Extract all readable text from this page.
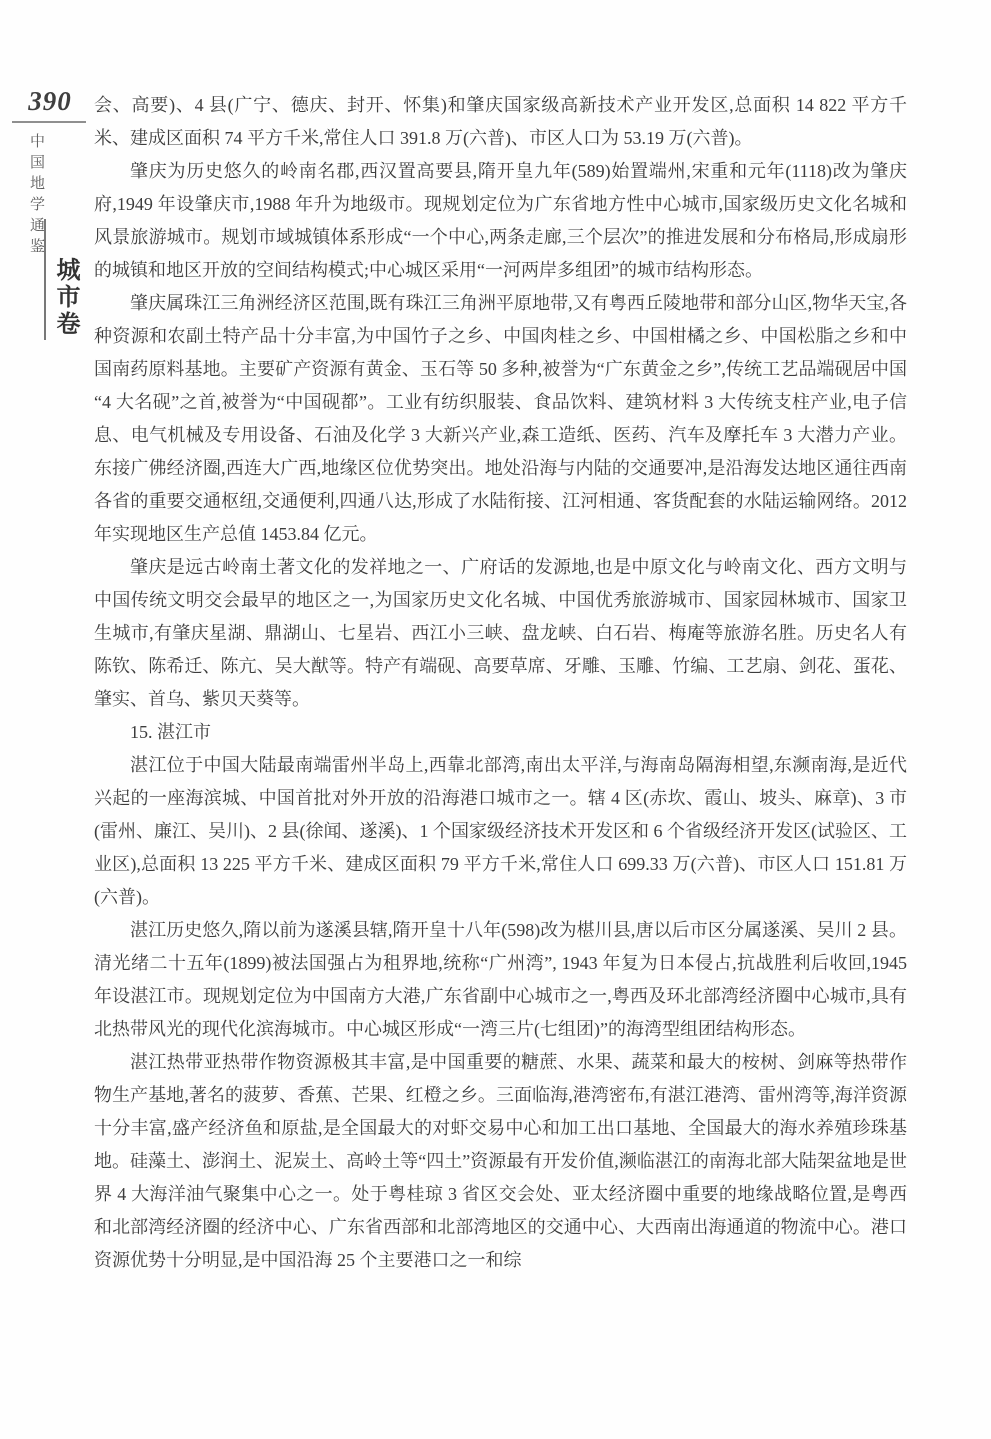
390
中国地学通鉴
城市卷

会、高要)、4 县(广宁、德庆、封开、怀集)和肇庆国家级高新技术产业开发区,总面积 14 822 平方千米、建成区面积 74 平方千米,常住人口 391.8 万(六普)、市区人口为 53.19 万(六普)。

肇庆为历史悠久的岭南名郡,西汉置高要县,隋开皇九年(589)始置端州,宋重和元年(1118)改为肇庆府,1949 年设肇庆市,1988 年升为地级市。现规划定位为广东省地方性中心城市,国家级历史文化名城和风景旅游城市。规划市域城镇体系形成“一个中心,两条走廊,三个层次”的推进发展和分布格局,形成扇形的城镇和地区开放的空间结构模式;中心城区采用“一河两岸多组团”的城市结构形态。

肇庆属珠江三角洲经济区范围,既有珠江三角洲平原地带,又有粤西丘陵地带和部分山区,物华天宝,各种资源和农副土特产品十分丰富,为中国竹子之乡、中国肉桂之乡、中国柑橘之乡、中国松脂之乡和中国南药原料基地。主要矿产资源有黄金、玉石等 50 多种,被誉为“广东黄金之乡”,传统工艺品端砚居中国“4 大名砚”之首,被誉为“中国砚都”。工业有纺织服装、食品饮料、建筑材料 3 大传统支柱产业,电子信息、电气机械及专用设备、石油及化学 3 大新兴产业,森工造纸、医药、汽车及摩托车 3 大潜力产业。东接广佛经济圈,西连大广西,地缘区位优势突出。地处沿海与内陆的交通要冲,是沿海发达地区通往西南各省的重要交通枢纽,交通便利,四通八达,形成了水陆衔接、江河相通、客货配套的水陆运输网络。2012 年实现地区生产总值 1453.84 亿元。

肇庆是远古岭南土著文化的发祥地之一、广府话的发源地,也是中原文化与岭南文化、西方文明与中国传统文明交会最早的地区之一,为国家历史文化名城、中国优秀旅游城市、国家园林城市、国家卫生城市,有肇庆星湖、鼎湖山、七星岩、西江小三峡、盘龙峡、白石岩、梅庵等旅游名胜。历史名人有陈钦、陈希迁、陈亢、吴大猷等。特产有端砚、高要草席、牙雕、玉雕、竹编、工艺扇、剑花、蛋花、肇实、首乌、紫贝天葵等。

15. 湛江市

湛江位于中国大陆最南端雷州半岛上,西靠北部湾,南出太平洋,与海南岛隔海相望,东濒南海,是近代兴起的一座海滨城、中国首批对外开放的沿海港口城市之一。辖 4 区(赤坎、霞山、坡头、麻章)、3 市(雷州、廉江、吴川)、2 县(徐闻、遂溪)、1 个国家级经济技术开发区和 6 个省级经济开发区(试验区、工业区),总面积 13 225 平方千米、建成区面积 79 平方千米,常住人口 699.33 万(六普)、市区人口 151.81 万(六普)。

湛江历史悠久,隋以前为遂溪县辖,隋开皇十八年(598)改为椹川县,唐以后市区分属遂溪、吴川 2 县。清光绪二十五年(1899)被法国强占为租界地,统称“广州湾”, 1943 年复为日本侵占,抗战胜利后收回,1945 年设湛江市。现规划定位为中国南方大港,广东省副中心城市之一,粤西及环北部湾经济圈中心城市,具有北热带风光的现代化滨海城市。中心城区形成“一湾三片(七组团)”的海湾型组团结构形态。

湛江热带亚热带作物资源极其丰富,是中国重要的糖蔗、水果、蔬菜和最大的桉树、剑麻等热带作物生产基地,著名的菠萝、香蕉、芒果、红橙之乡。三面临海,港湾密布,有湛江港湾、雷州湾等,海洋资源十分丰富,盛产经济鱼和原盐,是全国最大的对虾交易中心和加工出口基地、全国最大的海水养殖珍珠基地。硅藻土、澎润土、泥炭土、高岭土等“四土”资源最有开发价值,濒临湛江的南海北部大陆架盆地是世界 4 大海洋油气聚集中心之一。处于粤桂琼 3 省区交会处、亚太经济圈中重要的地缘战略位置,是粤西和北部湾经济圈的经济中心、广东省西部和北部湾地区的交通中心、大西南出海通道的物流中心。港口资源优势十分明显,是中国沿海 25 个主要港口之一和综
